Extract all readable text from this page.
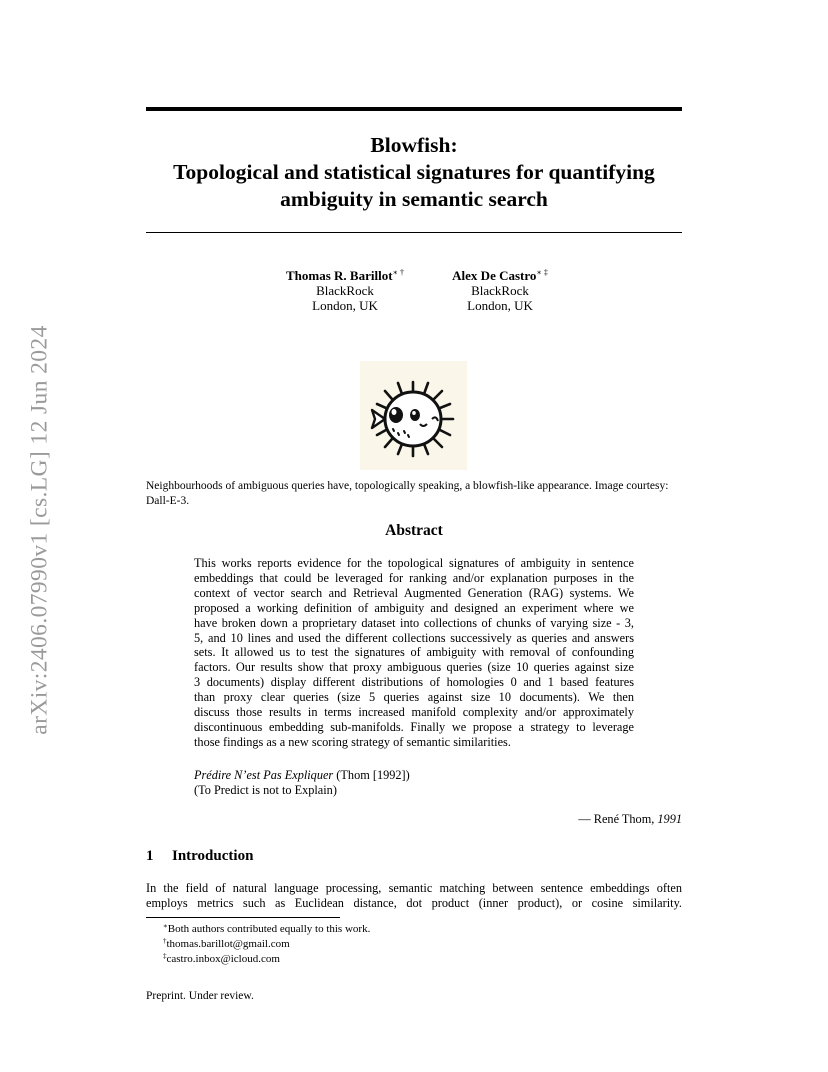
arXiv:2406.07990v1 [cs.LG] 12 Jun 2024
Blowfish:
Topological and statistical signatures for quantifying
ambiguity in semantic search
Thomas R. Barillot∗ †
BlackRock
London, UK
Alex De Castro∗ ‡
BlackRock
London, UK
Neighbourhoods of ambiguous queries have, topologically speaking, a blowfish-like appearance. Image courtesy: Dall-E-3.
Abstract
This works reports evidence for the topological signatures of ambiguity in sentence
embeddings that could be leveraged for ranking and/or explanation purposes in the
context of vector search and Retrieval Augmented Generation (RAG) systems. We
proposed a working definition of ambiguity and designed an experiment where we
have broken down a proprietary dataset into collections of chunks of varying size - 3,
5, and 10 lines and used the different collections successively as queries and answers
sets. It allowed us to test the signatures of ambiguity with removal of confounding
factors. Our results show that proxy ambiguous queries (size 10 queries against size
3 documents) display different distributions of homologies 0 and 1 based features
than proxy clear queries (size 5 queries against size 10 documents). We then
discuss those results in terms increased manifold complexity and/or approximately
discontinuous embedding sub-manifolds. Finally we propose a strategy to leverage
those findings as a new scoring strategy of semantic similarities.
Prédire N’est Pas Expliquer (Thom [1992])
(To Predict is not to Explain)
— René Thom, 1991
1 Introduction
In the field of natural language processing, semantic matching between sentence embeddings often
employs metrics such as Euclidean distance, dot product (inner product), or cosine similarity.
∗Both authors contributed equally to this work.
†thomas.barillot@gmail.com
‡castro.inbox@icloud.com
Preprint. Under review.
